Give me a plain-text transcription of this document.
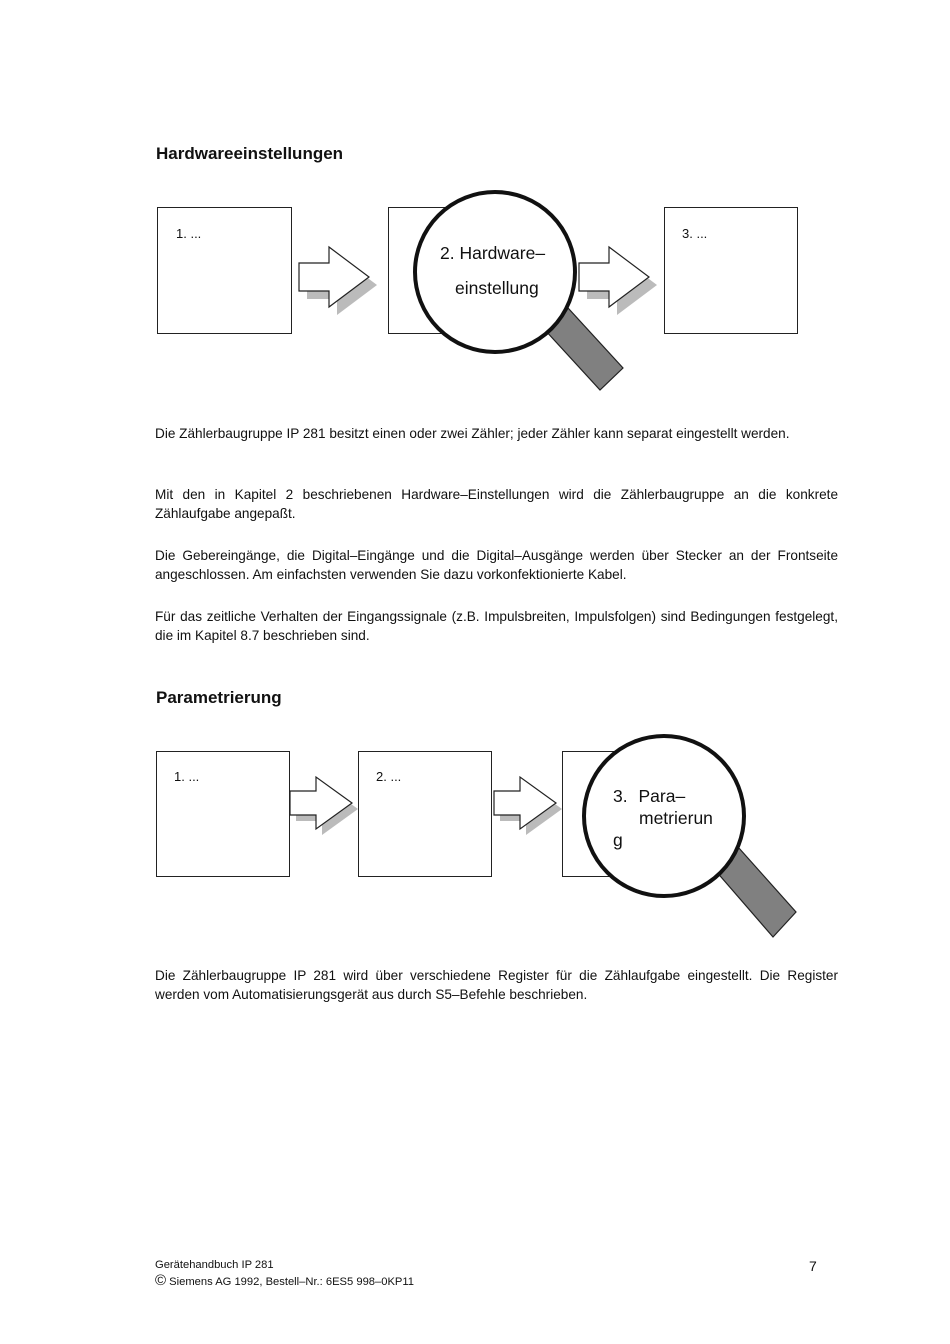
Hardwareeinstellungen
1. ...
2. Hardware–
einstellung
3. ...

Die Zählerbaugruppe IP 281 besitzt einen oder zwei Zähler; jeder Zähler kann separat eingestellt werden.

Mit den in Kapitel 2 beschriebenen Hardware–Einstellungen wird die Zählerbaugruppe an die konkrete Zählaufgabe angepaßt.

Die Gebereingänge, die Digital–Eingänge und die Digital–Ausgänge werden über Stecker an der Frontseite angeschlossen. Am einfachsten verwenden Sie dazu vorkonfektionierte Kabel.

Für das zeitliche Verhalten der Eingangssignale (z.B. Impulsbreiten, Impulsfolgen) sind Bedingungen festgelegt, die im Kapitel 8.7 beschrieben sind.

Parametrierung
1. ...	2. ...
3. Para–
metrierun
g

Die Zählerbaugruppe IP 281 wird über verschiedene Register für die Zählaufgabe eingestellt. Die Register werden vom Automatisierungsgerät aus durch S5–Befehle beschrieben.

Gerätehandbuch IP 281
© Siemens AG 1992, Bestell–Nr.: 6ES5 998–0KP11
7
